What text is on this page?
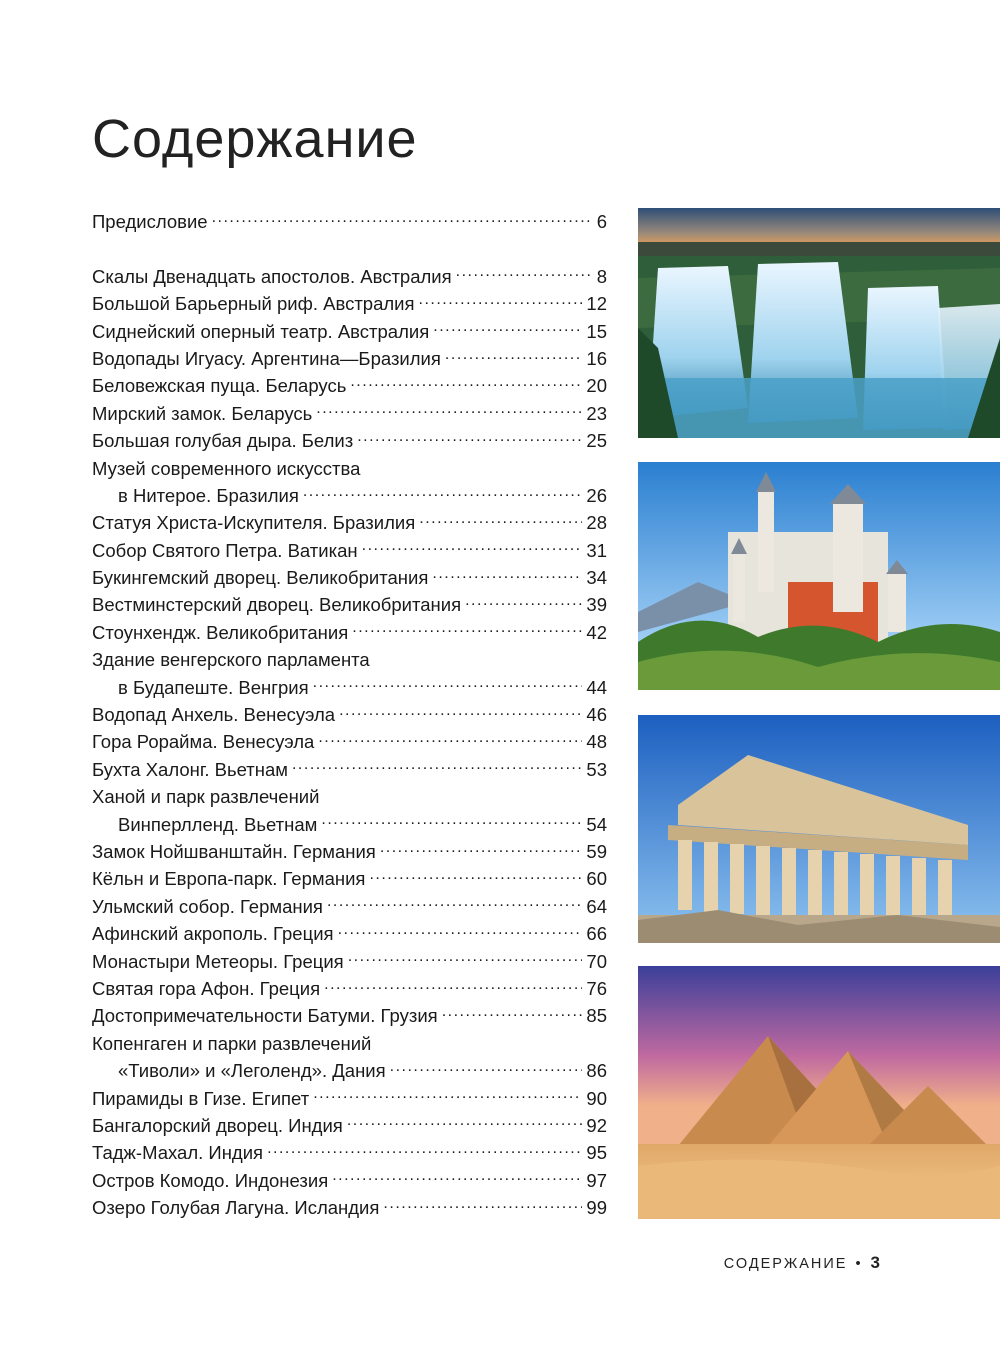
Содержание
Предисловие .....	6
Скалы Двенадцать апостолов. Австралия .....	8
Большой Барьерный риф. Австралия .....	12
Сиднейский оперный театр. Австралия .....	15
Водопады Игуасу. Аргентина—Бразилия .....	16
Беловежская пуща. Беларусь .....	20
Мирский замок. Беларусь .....	23
Большая голубая дыра. Белиз .....	25
Музей современного искусства
в Нитерое. Бразилия .....	26
Статуя Христа-Искупителя. Бразилия .....	28
Собор Святого Петра. Ватикан .....	31
Букингемский дворец. Великобритания .....	34
Вестминстерский дворец. Великобритания .....	39
Стоунхендж. Великобритания .....	42
Здание венгерского парламента
в Будапеште. Венгрия .....	44
Водопад Анхель. Венесуэла .....	46
Гора Рорайма. Венесуэла .....	48
Бухта Халонг. Вьетнам .....	53
Ханой и парк развлечений
Винперлленд. Вьетнам .....	54
Замок Нойшванштайн. Германия .....	59
Кёльн и Европа-парк. Германия .....	60
Ульмский собор. Германия .....	64
Афинский акрополь. Греция .....	66
Монастыри Метеоры. Греция .....	70
Святая гора Афон. Греция .....	76
Достопримечательности Батуми. Грузия .....	85
Копенгаген и парки развлечений
«Тиволи» и «Леголенд». Дания .....	86
Пирамиды в Гизе. Египет .....	90
Бангалорский дворец. Индия .....	92
Тадж-Махал. Индия .....	95
Остров Комодо. Индонезия .....	97
Озеро Голубая Лагуна. Исландия .....	99
СОДЕРЖАНИЕ • 3
